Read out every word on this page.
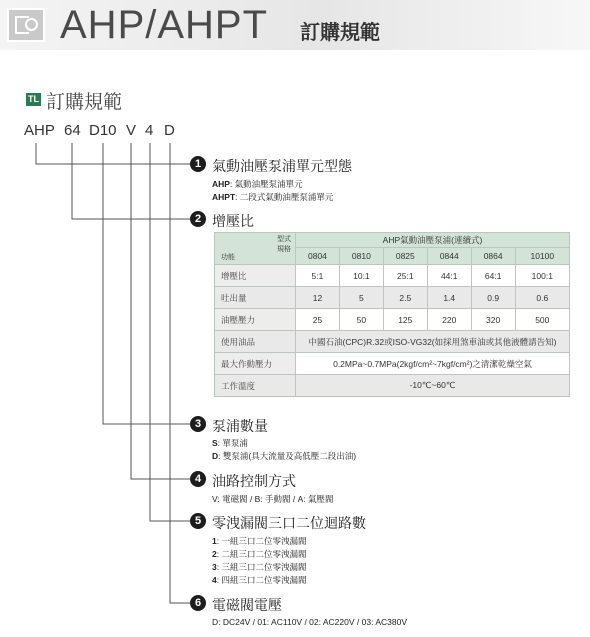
AHP/AHPT 訂購規範
TL 訂購規範
AHP 64 D10 V 4 D
1 氣動油壓泵浦單元型態
AHP: 氣動油壓泵浦單元
AHPT: 二段式氣動油壓泵浦單元
2 增壓比
型式
規格
功能	AHP氣動油壓泵浦(連續式)					
	0804	0810	0825	0844	0864	10100
增壓比	5:1	10:1	25:1	44:1	64:1	100:1
吐出量	12	5	2.5	1.4	0.9	0.6
油壓壓力	25	50	125	220	320	500
使用油品	中國石油(CPC)R.32或ISO-VG32(如採用煞車油或其他液體請告知)					
最大作動壓力	0.2MPa~0.7MPa(2kgf/cm²~7kgf/cm²)之清潔乾燥空氣					
工作溫度	-10℃~60℃					
3 泵浦數量
S: 單泵浦
D: 雙泵浦(具大流量及高低壓二段出油)
4 油路控制方式
V: 電磁閥 / B: 手動閥 / A: 氣壓閥
5 零洩漏閥三口二位迴路數
1: 一組三口二位零洩漏閥
2: 二組三口二位零洩漏閥
3: 三組三口二位零洩漏閥
4: 四組三口二位零洩漏閥
6 電磁閥電壓
D: DC24V / 01: AC110V / 02: AC220V / 03: AC380V
